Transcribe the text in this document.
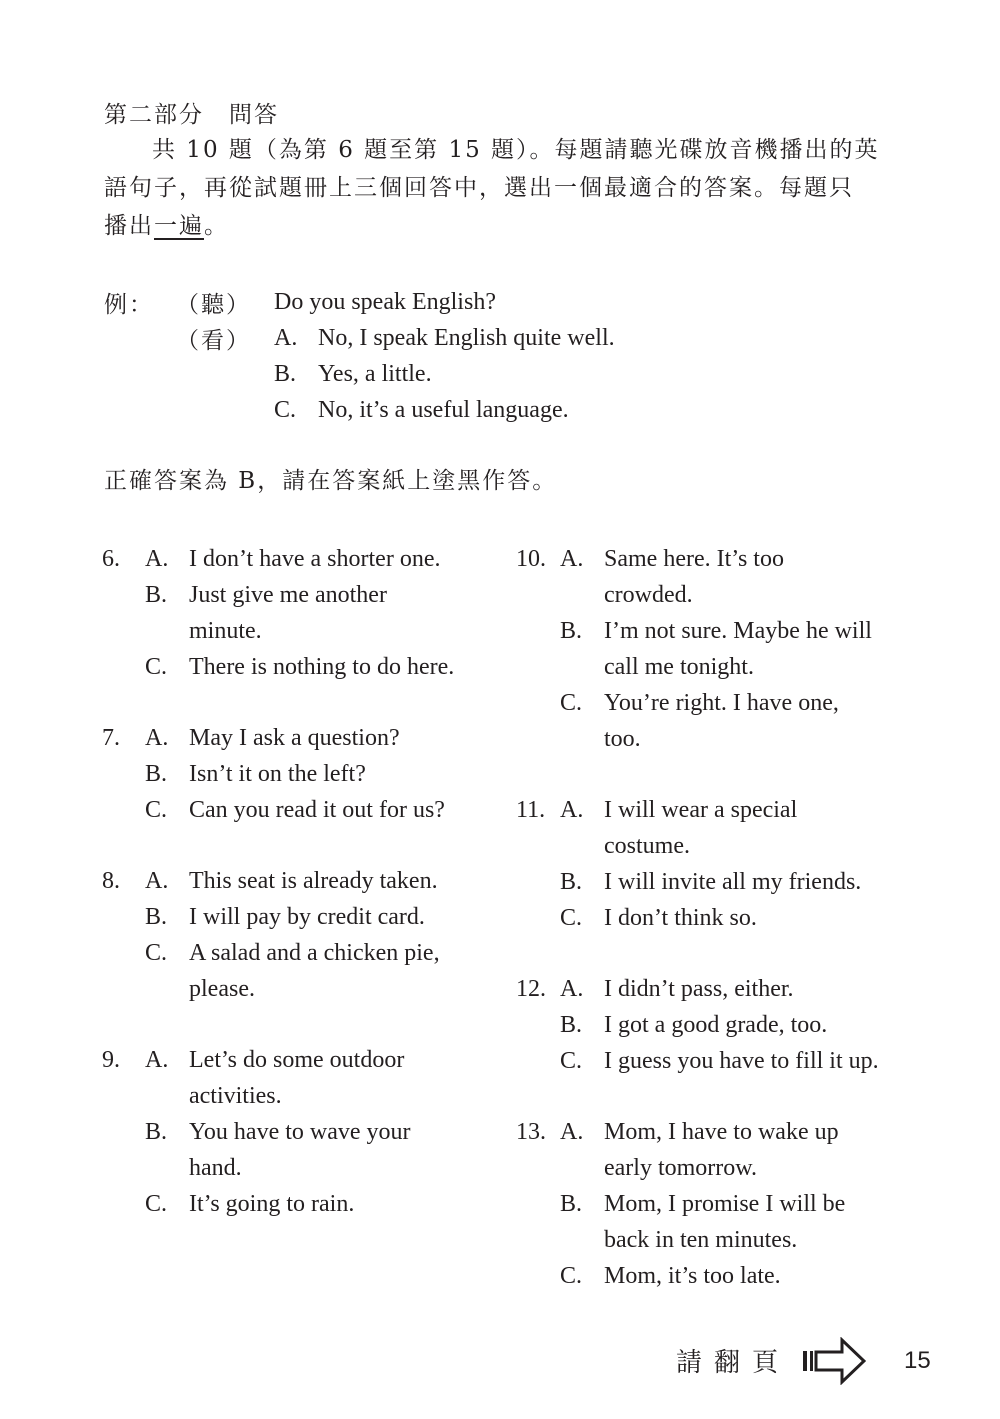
第二部分　問答
共 10 題（為第 6 題至第 15 題）。每題請聽光碟放音機播出的英
語句子，再從試題冊上三個回答中，選出一個最適合的答案。每題只
播出一遍。
例： （聽） Do you speak English?
（看） A. No, I speak English quite well.
B. Yes, a little.
C. No, it’s a useful language.
正確答案為 B，請在答案紙上塗黑作答。
6. A. I don’t have a shorter one.
B. Just give me another minute.
C. There is nothing to do here.
7. A. May I ask a question?
B. Isn’t it on the left?
C. Can you read it out for us?
8. A. This seat is already taken.
B. I will pay by credit card.
C. A salad and a chicken pie, please.
9. A. Let’s do some outdoor activities.
B. You have to wave your hand.
C. It’s going to rain.
10. A. Same here. It’s too crowded.
B. I’m not sure. Maybe he will call me tonight.
C. You’re right. I have one, too.
11. A. I will wear a special costume.
B. I will invite all my friends.
C. I don’t think so.
12. A. I didn’t pass, either.
B. I got a good grade, too.
C. I guess you have to fill it up.
13. A. Mom, I have to wake up early tomorrow.
B. Mom, I promise I will be back in ten minutes.
C. Mom, it’s too late.
請翻頁	15
